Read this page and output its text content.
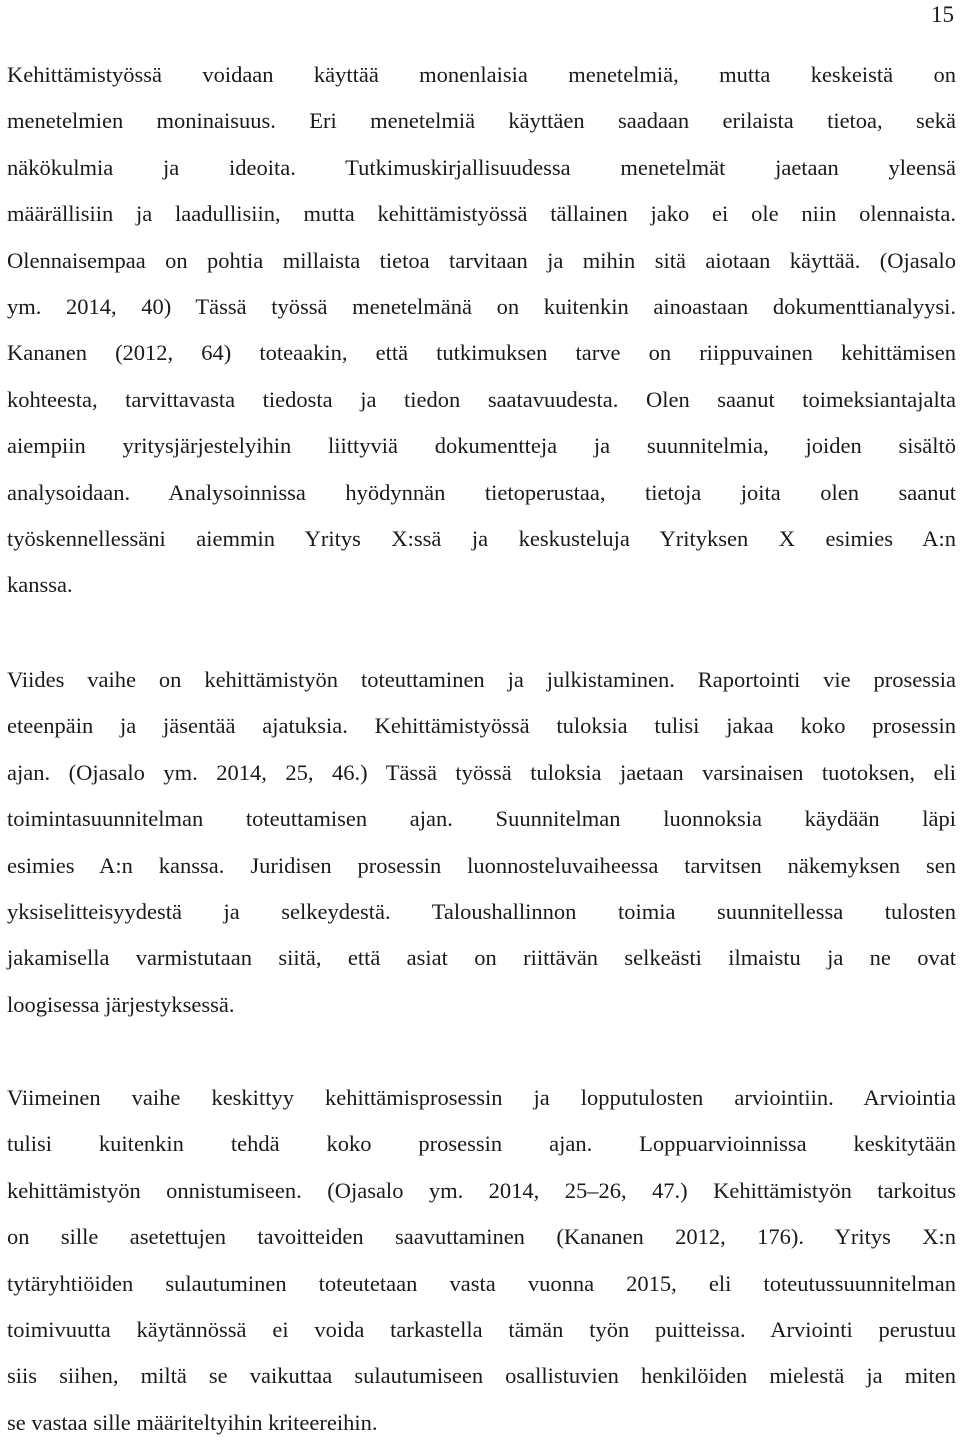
15
Kehittämistyössä voidaan käyttää monenlaisia menetelmiä, mutta keskeistä on
menetelmien moninaisuus. Eri menetelmiä käyttäen saadaan erilaista tietoa, sekä
näkökulmia ja ideoita. Tutkimuskirjallisuudessa menetelmät jaetaan yleensä
määrällisiin ja laadullisiin, mutta kehittämistyössä tällainen jako ei ole niin olennaista.
Olennaisempaa on pohtia millaista tietoa tarvitaan ja mihin sitä aiotaan käyttää. (Ojasalo
ym. 2014, 40) Tässä työssä menetelmänä on kuitenkin ainoastaan dokumenttianalyysi.
Kananen (2012, 64) toteaakin, että tutkimuksen tarve on riippuvainen kehittämisen
kohteesta, tarvittavasta tiedosta ja tiedon saatavuudesta. Olen saanut toimeksiantajalta
aiempiin yritysjärjestelyihin liittyviä dokumentteja ja suunnitelmia, joiden sisältö
analysoidaan. Analysoinnissa hyödynnän tietoperustaa, tietoja joita olen saanut
työskennellessäni aiemmin Yritys X:ssä ja keskusteluja Yrityksen X esimies A:n
kanssa.
Viides vaihe on kehittämistyön toteuttaminen ja julkistaminen. Raportointi vie prosessia
eteenpäin ja jäsentää ajatuksia. Kehittämistyössä tuloksia tulisi jakaa koko prosessin
ajan. (Ojasalo ym. 2014, 25, 46.) Tässä työssä tuloksia jaetaan varsinaisen tuotoksen, eli
toimintasuunnitelman toteuttamisen ajan. Suunnitelman luonnoksia käydään läpi
esimies A:n kanssa. Juridisen prosessin luonnosteluvaiheessa tarvitsen näkemyksen sen
yksiselitteisyydestä ja selkeydestä. Taloushallinnon toimia suunnitellessa tulosten
jakamisella varmistutaan siitä, että asiat on riittävän selkeästi ilmaistu ja ne ovat
loogisessa järjestyksessä.
Viimeinen vaihe keskittyy kehittämisprosessin ja lopputulosten arviointiin. Arviointia
tulisi kuitenkin tehdä koko prosessin ajan. Loppuarvioinnissa keskitytään
kehittämistyön onnistumiseen. (Ojasalo ym. 2014, 25–26, 47.) Kehittämistyön tarkoitus
on sille asetettujen tavoitteiden saavuttaminen (Kananen 2012, 176). Yritys X:n
tytäryhtiöiden sulautuminen toteutetaan vasta vuonna 2015, eli toteutussuunnitelman
toimivuutta käytännössä ei voida tarkastella tämän työn puitteissa. Arviointi perustuu
siis siihen, miltä se vaikuttaa sulautumiseen osallistuvien henkilöiden mielestä ja miten
se vastaa sille määriteltyihin kriteereihin.
